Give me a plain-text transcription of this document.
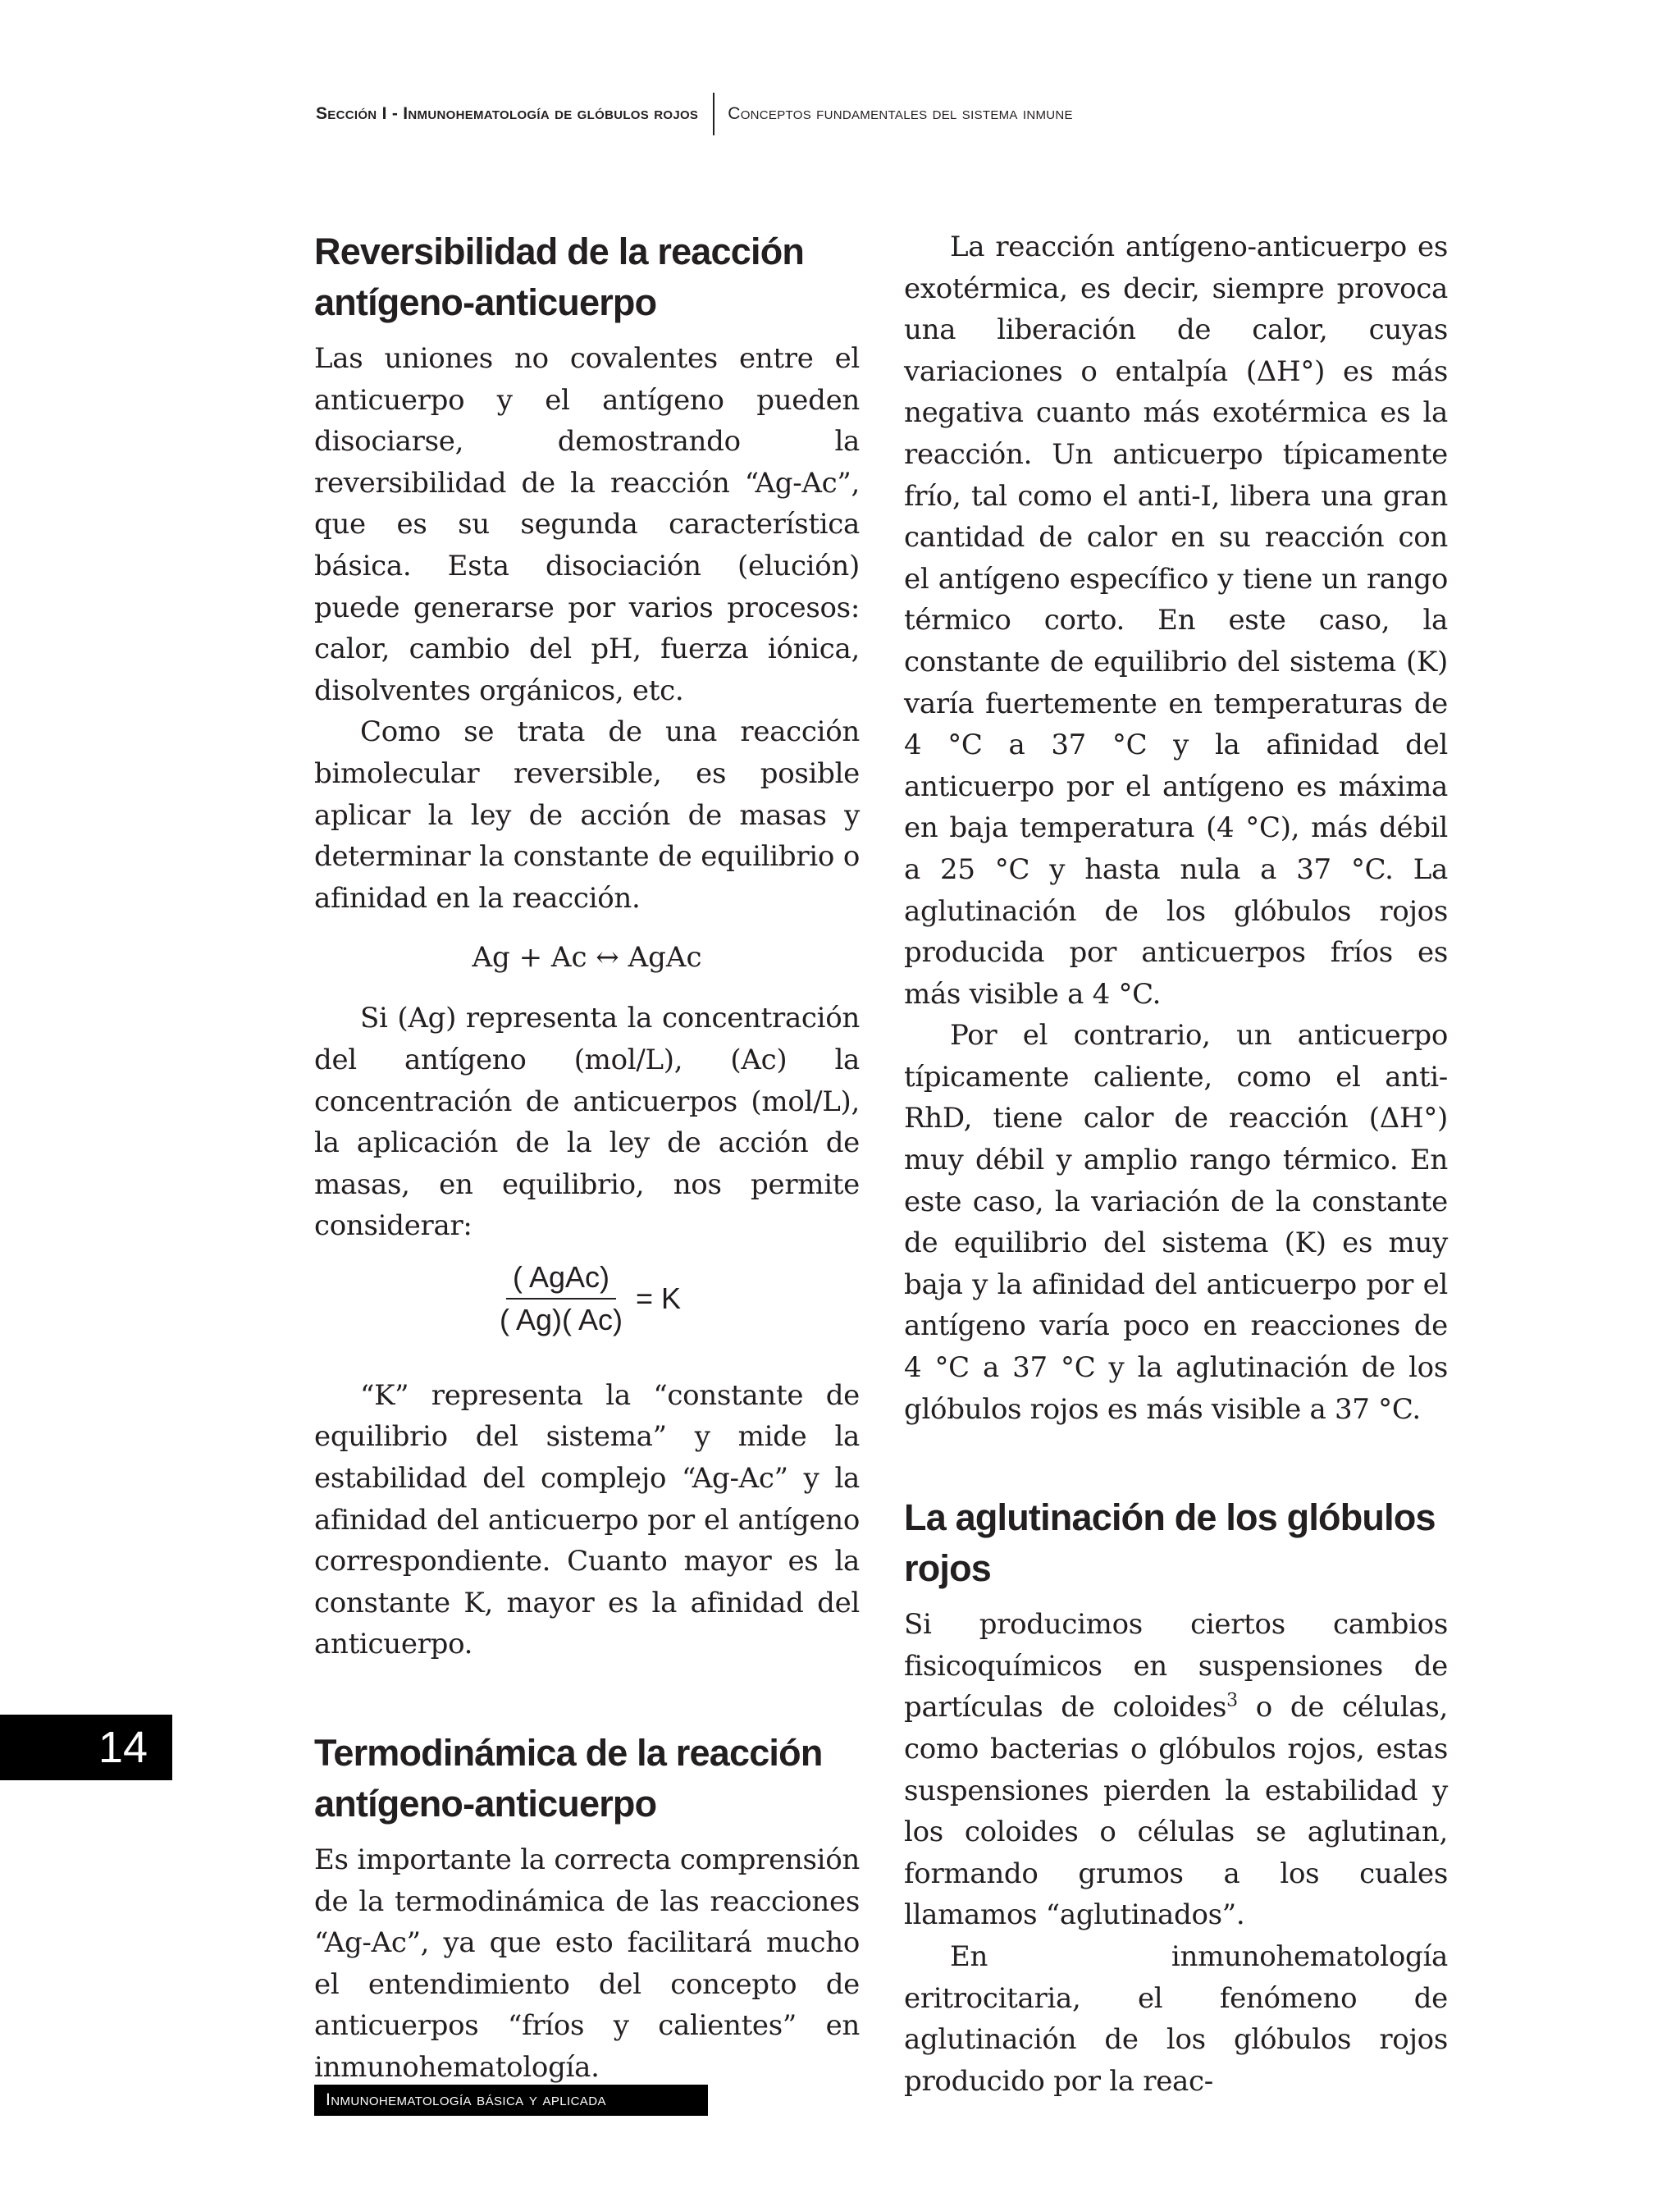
Sección I - Inmunohematología de glóbulos rojos Conceptos fundamentales del sistema inmune
Reversibilidad de la reacción antígeno-anticuerpo

Las uniones no covalentes entre el anticuerpo y el antígeno pueden disociarse, demostrando la reversibilidad de la reacción “Ag-Ac”, que es su segunda característica básica. Esta disociación (elución) puede generarse por varios procesos: calor, cambio del pH, fuerza iónica, disolventes orgánicos, etc.

Como se trata de una reacción bimolecular reversible, es posible aplicar la ley de acción de masas y determinar la constante de equilibrio o afinidad en la reacción.

Ag + Ac ↔ AgAc

Si (Ag) representa la concentración del antígeno (mol/L), (Ac) la concentración de anticuerpos (mol/L), la aplicación de la ley de acción de masas, en equilibrio, nos permite considerar:

$\frac{\text{( AgAc)}}{( Ag)( Ac)} = K$

“K” representa la “constante de equilibrio del sistema” y mide la estabilidad del complejo “Ag-Ac” y la afinidad del anticuerpo por el antígeno correspondiente. Cuanto mayor es la constante K, mayor es la afinidad del anticuerpo.

Termodinámica de la reacción antígeno-anticuerpo

Es importante la correcta comprensión de la termodinámica de las reacciones “Ag-Ac”, ya que esto facilitará mucho el entendimiento del concepto de anticuerpos “fríos y calientes” en inmunohematología.

La reacción antígeno-anticuerpo es exotérmica, es decir, siempre provoca una liberación de calor, cuyas variaciones o entalpía (ΔH°) es más negativa cuanto más exotérmica es la reacción. Un anticuerpo típicamente frío, tal como el anti-I, libera una gran cantidad de calor en su reacción con el antígeno específico y tiene un rango térmico corto. En este caso, la constante de equilibrio del sistema (K) varía fuertemente en temperaturas de 4 °C a 37 °C y la afinidad del anticuerpo por el antígeno es máxima en baja temperatura (4 °C), más débil a 25 °C y hasta nula a 37 °C. La aglutinación de los glóbulos rojos producida por anticuerpos fríos es más visible a 4 °C.

Por el contrario, un anticuerpo típicamente caliente, como el anti-RhD, tiene calor de reacción (ΔH°) muy débil y amplio rango térmico. En este caso, la variación de la constante de equilibrio del sistema (K) es muy baja y la afinidad del anticuerpo por el antígeno varía poco en reacciones de 4 °C a 37 °C y la aglutinación de los glóbulos rojos es más visible a 37 °C.

La aglutinación de los glóbulos rojos

Si producimos ciertos cambios fisicoquímicos en suspensiones de partículas de coloides$^3$ o de células, como bacterias o glóbulos rojos, estas suspensiones pierden la estabilidad y los coloides o células se aglutinan, formando grumos a los cuales llamamos “aglutinados”.

En inmunohematología eritrocitaria, el fenómeno de aglutinación de los glóbulos rojos producido por la reac-

14
Inmunohematología básica y aplicada
